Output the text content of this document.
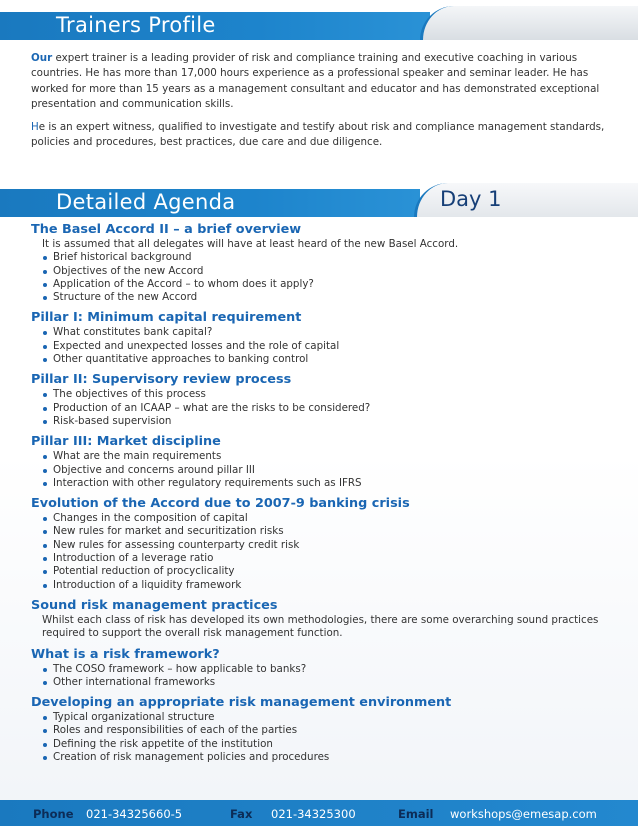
Trainers Profile
Our expert trainer is a leading provider of risk and compliance training and executive coaching in various countries. He has more than 17,000 hours experience as a professional speaker and seminar leader. He has worked for more than 15 years as a management consultant and educator and has demonstrated exceptional presentation and communication skills.
He is an expert witness, qualified to investigate and testify about risk and compliance management standards, policies and procedures, best practices, due care and due diligence.
Detailed Agenda	Day 1
The Basel Accord II – a brief overview

It is assumed that all delegates will have at least heard of the new Basel Accord.

Brief historical background
Objectives of the new Accord
Application of the Accord – to whom does it apply?
Structure of the new Accord
Pillar I: Minimum capital requirement
What constitutes bank capital?
Expected and unexpected losses and the role of capital
Other quantitative approaches to banking control
Pillar II: Supervisory review process
The objectives of this process
Production of an ICAAP – what are the risks to be considered?
Risk-based supervision
Pillar III: Market discipline
What are the main requirements
Objective and concerns around pillar III
Interaction with other regulatory requirements such as IFRS
Evolution of the Accord due to 2007-9 banking crisis
Changes in the composition of capital
New rules for market and securitization risks
New rules for assessing counterparty credit risk
Introduction of a leverage ratio
Potential reduction of procyclicality
Introduction of a liquidity framework
Sound risk management practices

Whilst each class of risk has developed its own methodologies, there are some overarching sound practices required to support the overall risk management function.

What is a risk framework?
The COSO framework – how applicable to banks?
Other international frameworks
Developing an appropriate risk management environment
Typical organizational structure
Roles and responsibilities of each of the parties
Defining the risk appetite of the institution
Creation of risk management policies and procedures
Phone 021-34325660-5	Fax 021-34325300	Email workshops@emesap.com
